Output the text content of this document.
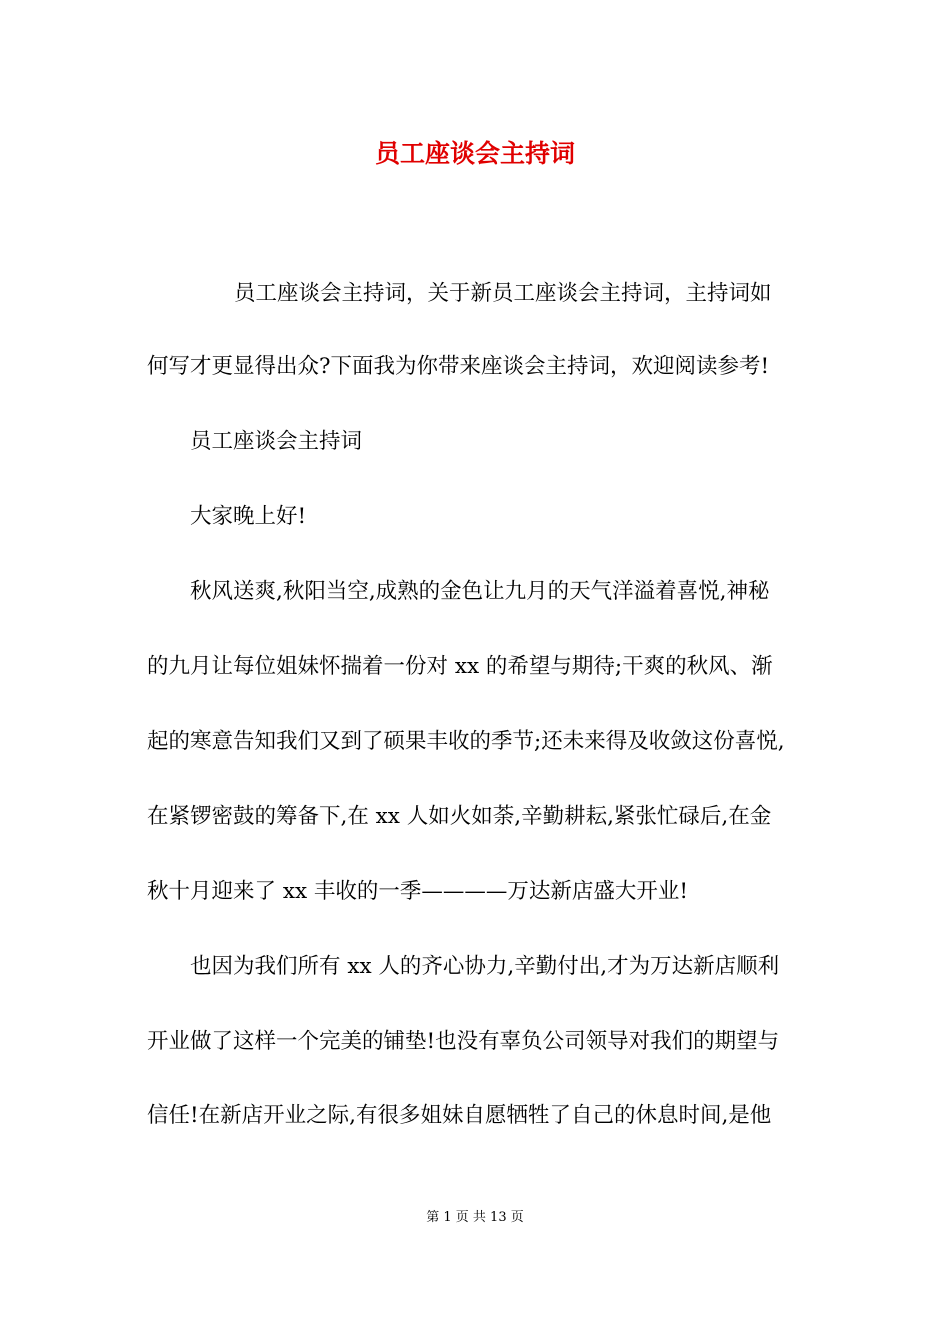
员工座谈会主持词
员工座谈会主持词，关于新员工座谈会主持词，主持词如
何写才更显得出众?下面我为你带来座谈会主持词，欢迎阅读参考!
员工座谈会主持词
大家晚上好!
秋风送爽,秋阳当空,成熟的金色让九月的天气洋溢着喜悦,神秘
的九月让每位姐妹怀揣着一份对 xx 的希望与期待;干爽的秋风、渐
起的寒意告知我们又到了硕果丰收的季节;还未来得及收敛这份喜悦,
在紧锣密鼓的筹备下,在 xx 人如火如荼,辛勤耕耘,紧张忙碌后,在金
秋十月迎来了 xx 丰收的一季————万达新店盛大开业!
也因为我们所有 xx 人的齐心协力,辛勤付出,才为万达新店顺利
开业做了这样一个完美的铺垫!也没有辜负公司领导对我们的期望与
信任!在新店开业之际,有很多姐妹自愿牺牲了自己的休息时间,是他
第 1 页 共 13 页
